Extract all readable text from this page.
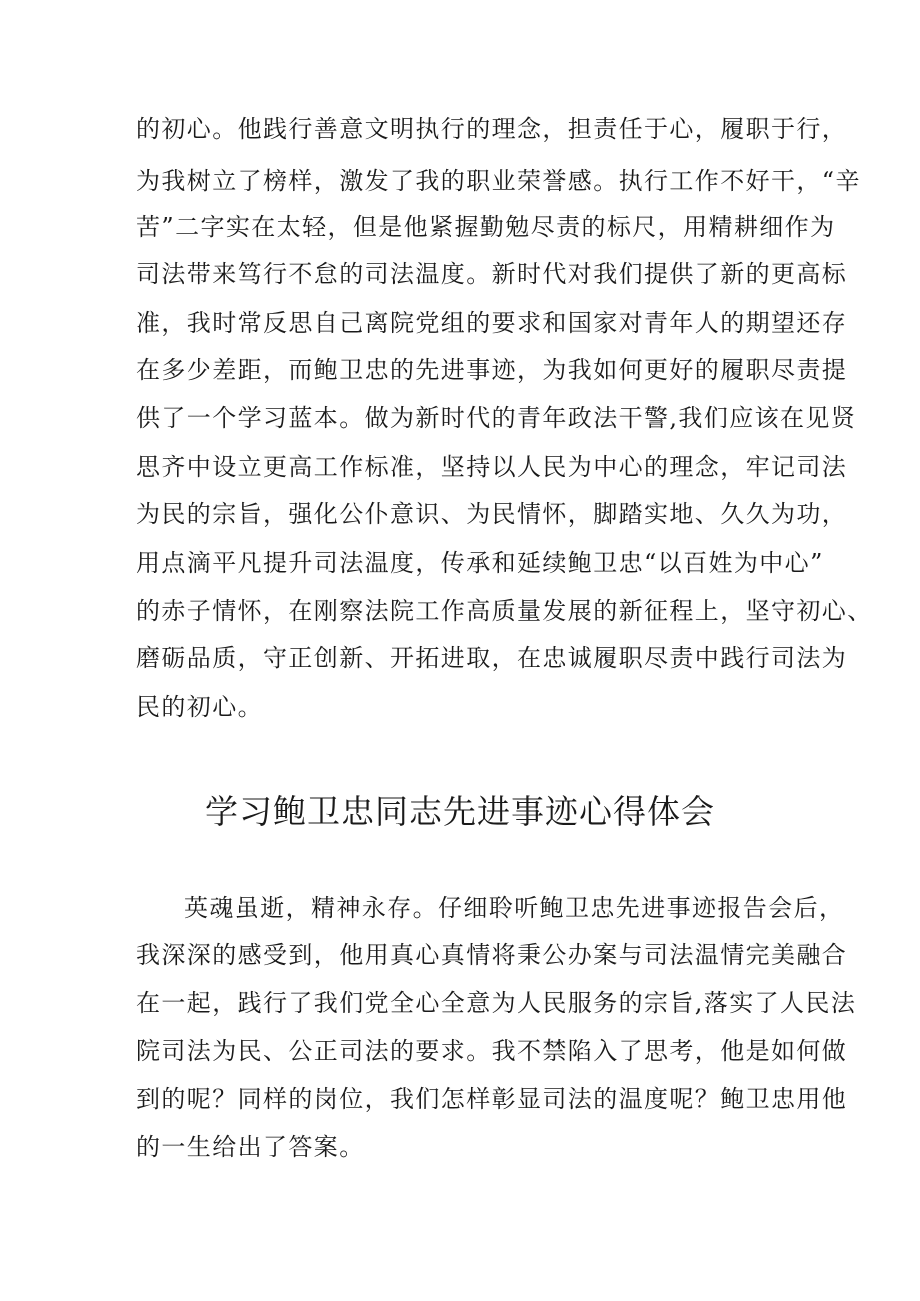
的初心。他践行善意文明执行的理念，担责任于心，履职于行，
为我树立了榜样，激发了我的职业荣誉感。执行工作不好干，“辛
苦”二字实在太轻，但是他紧握勤勉尽责的标尺，用精耕细作为
司法带来笃行不怠的司法温度。新时代对我们提供了新的更高标
准，我时常反思自己离院党组的要求和国家对青年人的期望还存
在多少差距，而鲍卫忠的先进事迹，为我如何更好的履职尽责提
供了一个学习蓝本。做为新时代的青年政法干警,我们应该在见贤
思齐中设立更高工作标准，坚持以人民为中心的理念，牢记司法
为民的宗旨，强化公仆意识、为民情怀，脚踏实地、久久为功，
用点滴平凡提升司法温度，传承和延续鲍卫忠“以百姓为中心”
的赤子情怀，在刚察法院工作高质量发展的新征程上，坚守初心、
磨砺品质，守正创新、开拓进取，在忠诚履职尽责中践行司法为
民的初心。
学习鲍卫忠同志先进事迹心得体会
英魂虽逝，精神永存。仔细聆听鲍卫忠先进事迹报告会后，
我深深的感受到，他用真心真情将秉公办案与司法温情完美融合
在一起，践行了我们党全心全意为人民服务的宗旨,落实了人民法
院司法为民、公正司法的要求。我不禁陷入了思考，他是如何做
到的呢？同样的岗位，我们怎样彰显司法的温度呢？鲍卫忠用他
的一生给出了答案。
